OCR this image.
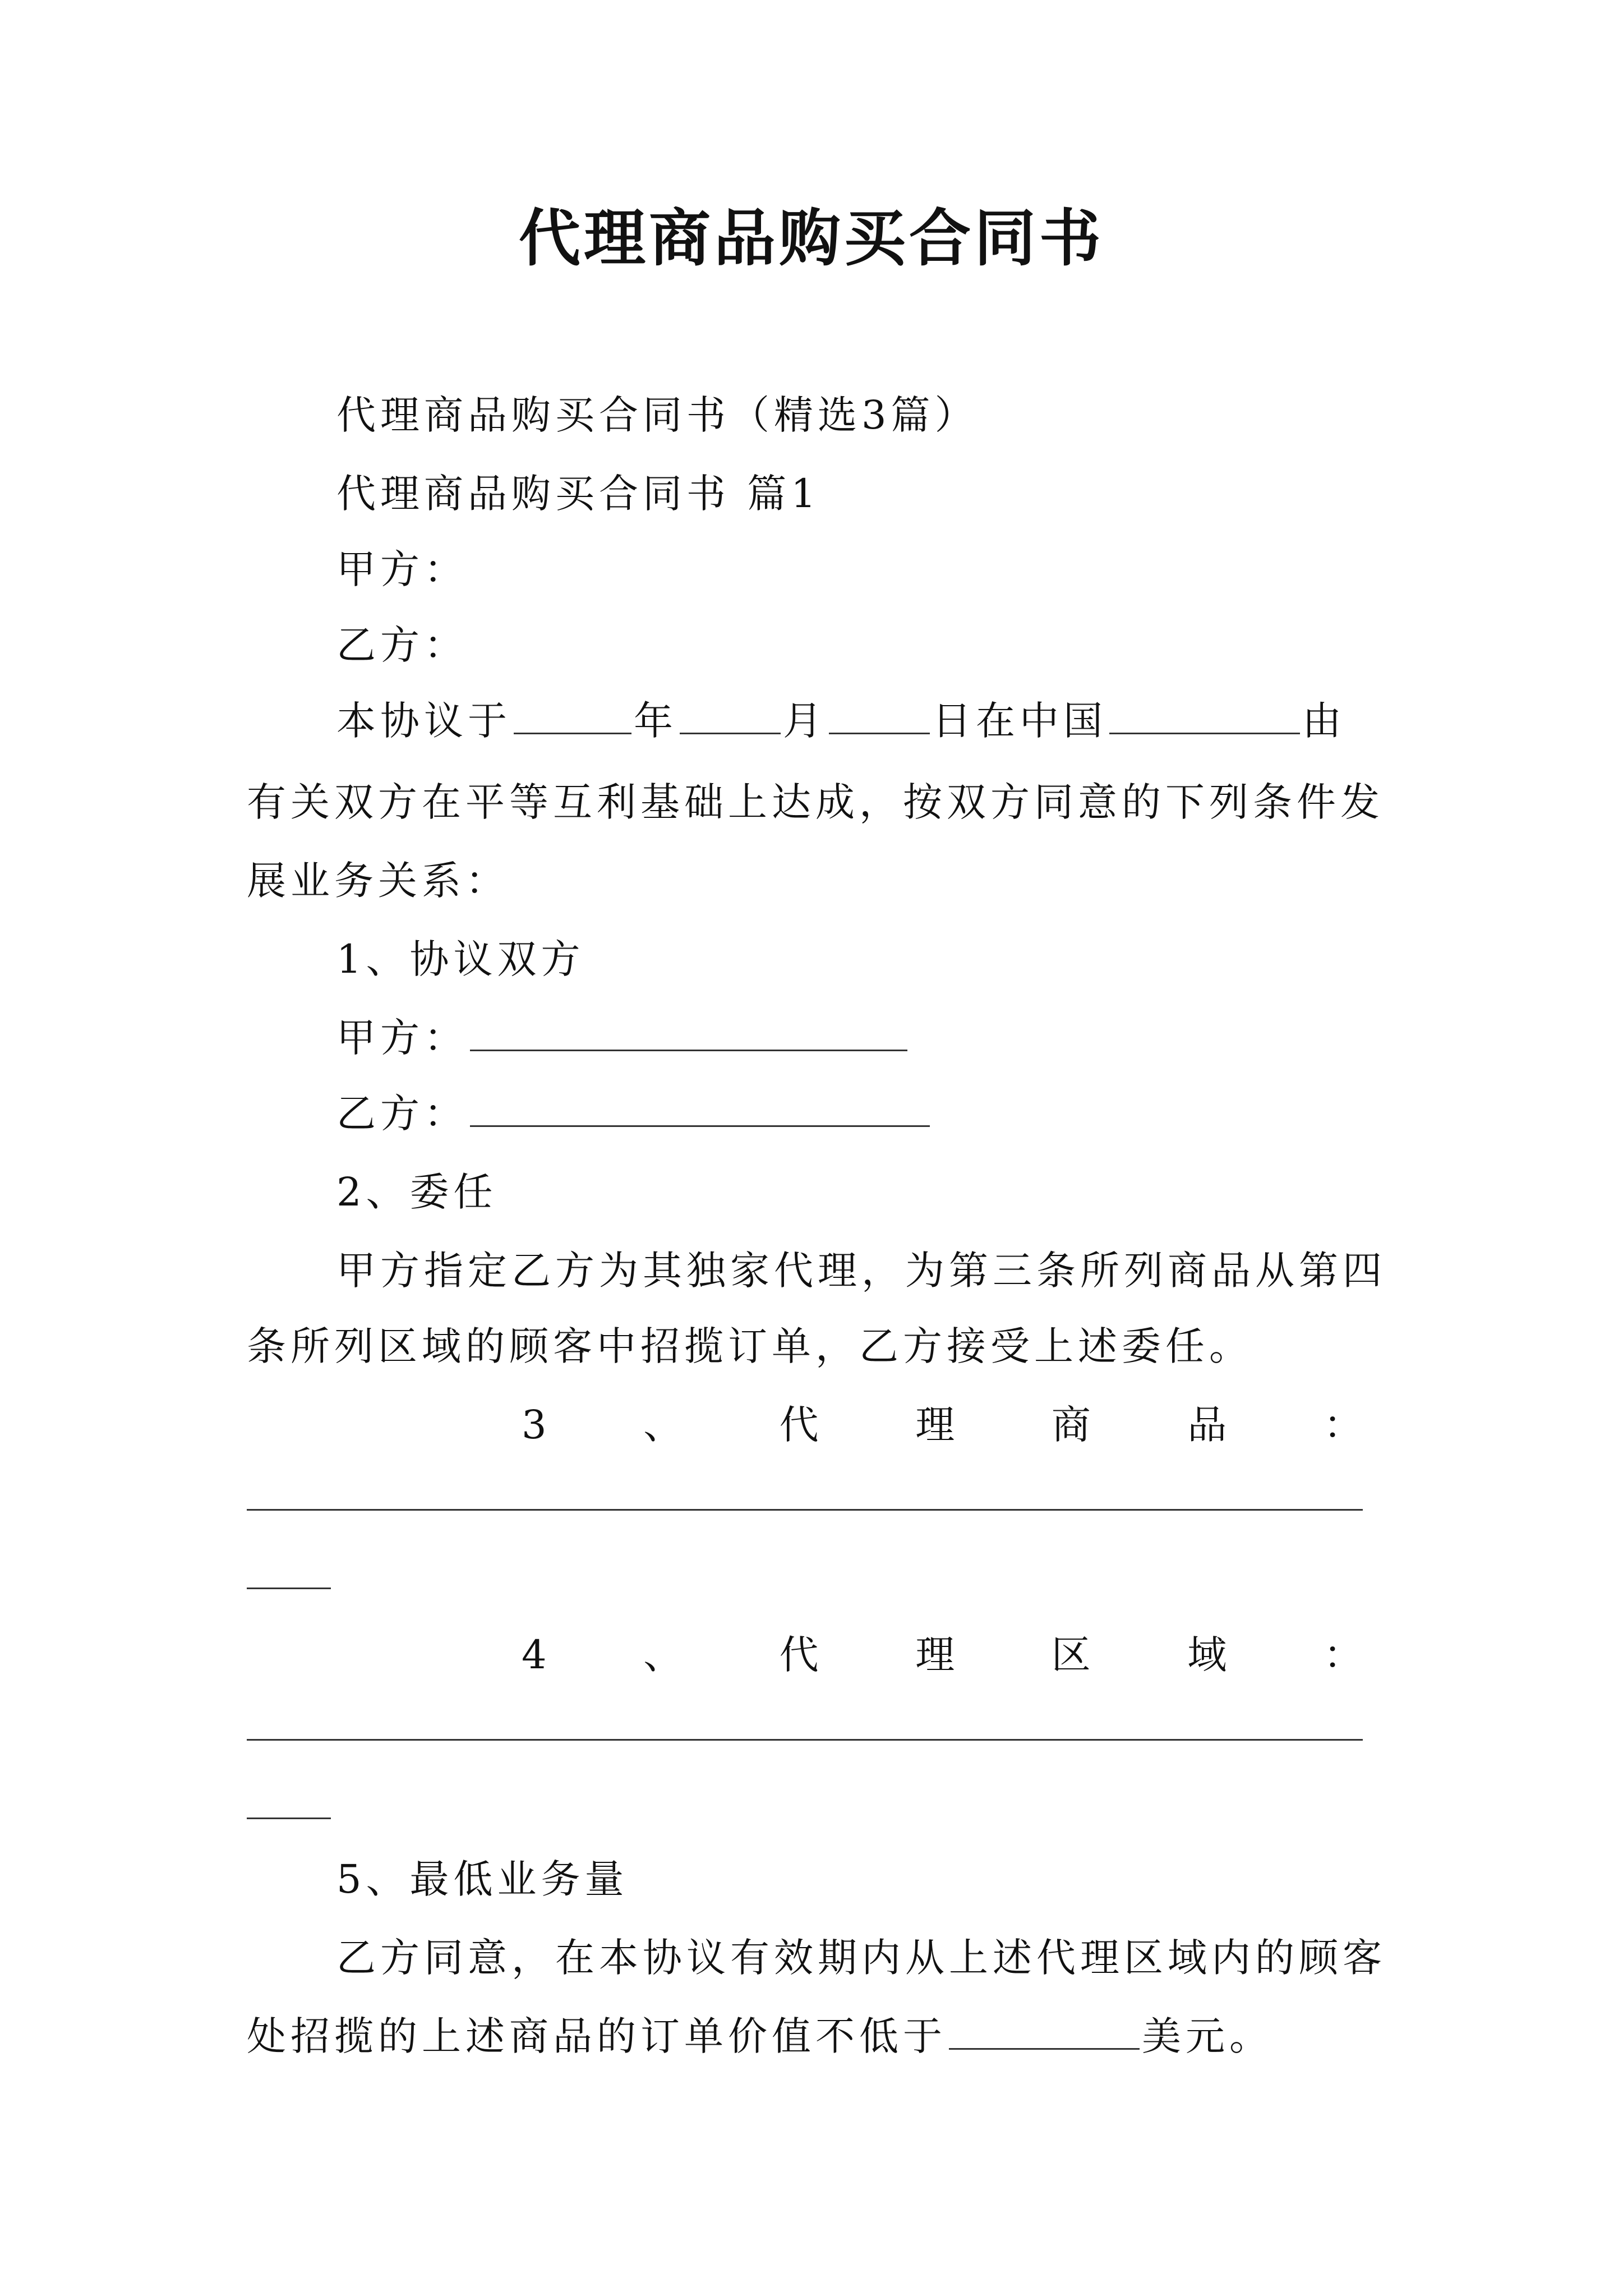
代理商品购买合同书
代理商品购买合同书（精选3篇）
代理商品购买合同书 篇1
甲方：
乙方：
本协议于	年	月	日在中国	由
有关双方在平等互利基础上达成，按双方同意的下列条件发
展业务关系：
1、协议双方
甲方：
乙方：
2、委任
甲方指定乙方为其独家代理，为第三条所列商品从第四
条所列区域的顾客中招揽订单，乙方接受上述委任。
3 、 代 理 商 品 ：
4 、 代 理 区 域 ：
5、最低业务量
乙方同意，在本协议有效期内从上述代理区域内的顾客
处招揽的上述商品的订单价值不低于	美元。
